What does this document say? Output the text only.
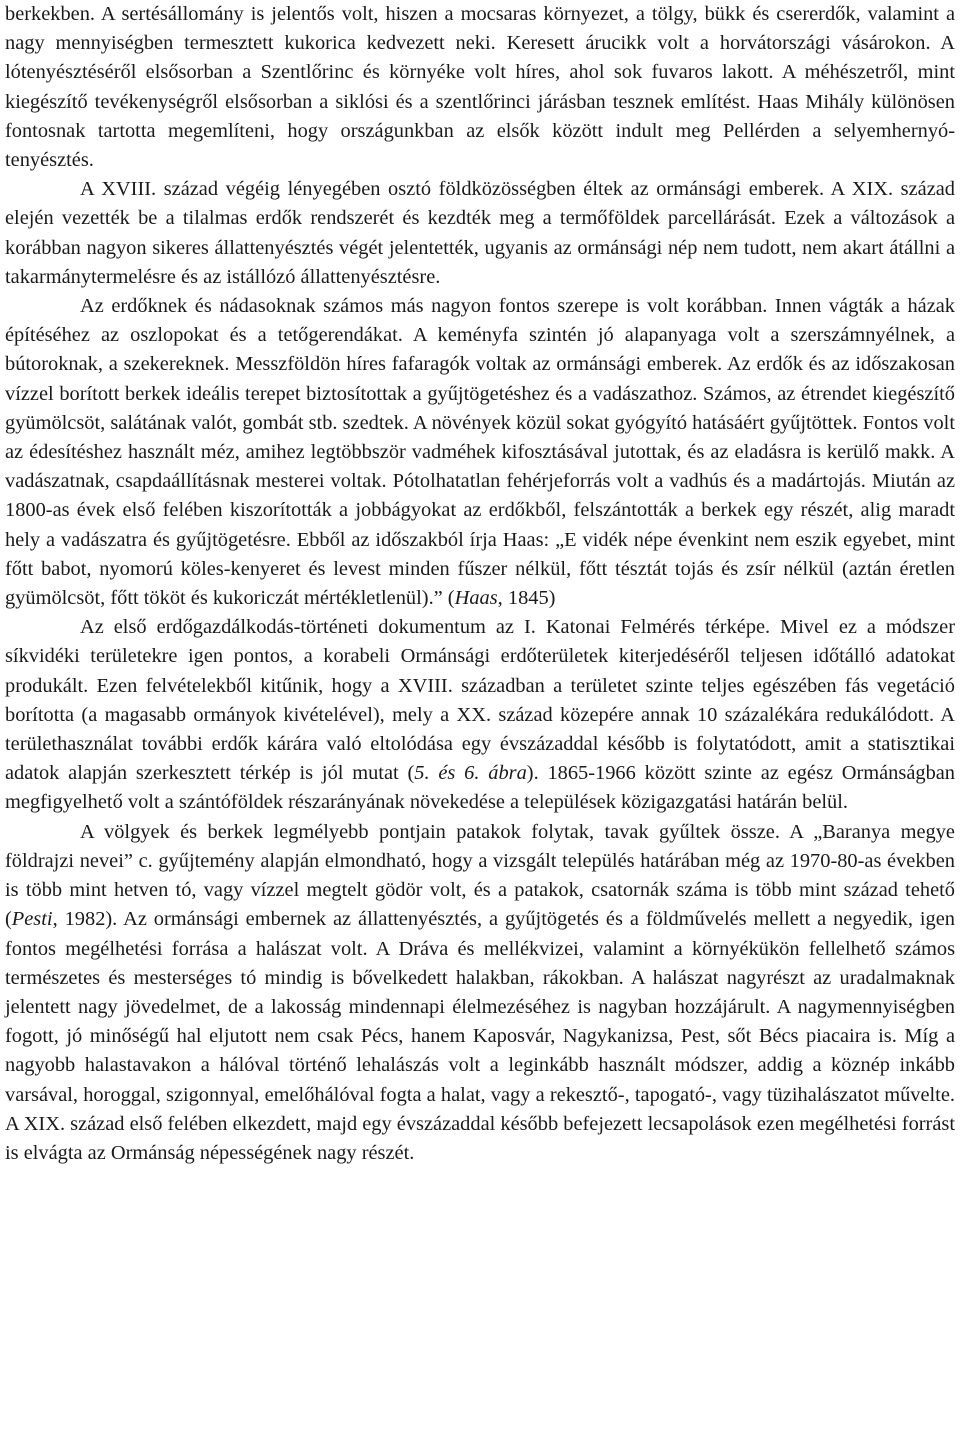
berkekben. A sertésállomány is jelentős volt, hiszen a mocsaras környezet, a tölgy, bükk és csererdők, valamint a nagy mennyiségben termesztett kukorica kedvezett neki. Keresett árucikk volt a horvátországi vásárokon. A lótenyésztéséről elsősorban a Szentlőrinc és környéke volt híres, ahol sok fuvaros lakott. A méhészetről, mint kiegészítő tevékenységről elsősorban a siklósi és a szentlőrinci járásban tesznek említést. Haas Mihály különösen fontosnak tartotta megemlíteni, hogy országunkban az elsők között indult meg Pellérden a selyemhernyó-tenyésztés.

A XVIII. század végéig lényegében osztó földközösségben éltek az ormánsági emberek. A XIX. század elején vezették be a tilalmas erdők rendszerét és kezdték meg a termőföldek parcellárását. Ezek a változások a korábban nagyon sikeres állattenyésztés végét jelentették, ugyanis az ormánsági nép nem tudott, nem akart átállni a takarmánytermelésre és az istállózó állattenyésztésre.

Az erdőknek és nádasoknak számos más nagyon fontos szerepe is volt korábban. Innen vágták a házak építéséhez az oszlopokat és a tetőgerendákat. A keményfa szintén jó alapanyaga volt a szerszámnyélnek, a bútoroknak, a szekereknek. Messzföldön híres fafaragók voltak az ormánsági emberek. Az erdők és az időszakosan vízzel borított berkek ideális terepet biztosítottak a gyűjtögetéshez és a vadászathoz. Számos, az étrendet kiegészítő gyümölcsöt, salátának valót, gombát stb. szedtek. A növények közül sokat gyógyító hatásáért gyűjtöttek. Fontos volt az édesítéshez használt méz, amihez legtöbbször vadméhek kifosztásával jutottak, és az eladásra is kerülő makk. A vadászatnak, csapdaállításnak mesterei voltak. Pótolhatatlan fehérjeforrás volt a vadhús és a madártojás. Miután az 1800-as évek első felében kiszorították a jobbágyokat az erdőkből, felszántották a berkek egy részét, alig maradt hely a vadászatra és gyűjtögetésre. Ebből az időszakból írja Haas: „E vidék népe évenkint nem eszik egyebet, mint főtt babot, nyomorú köles-kenyeret és levest minden fűszer nélkül, főtt tésztát tojás és zsír nélkül (aztán éretlen gyümölcsöt, főtt tököt és kukoriczát mértékletlenül).” (Haas, 1845)

Az első erdőgazdálkodás-történeti dokumentum az I. Katonai Felmérés térképe. Mivel ez a módszer síkvidéki területekre igen pontos, a korabeli Ormánsági erdőterületek kiterjedéséről teljesen időtálló adatokat produkált. Ezen felvételekből kitűnik, hogy a XVIII. században a területet szinte teljes egészében fás vegetáció borította (a magasabb ormányok kivételével), mely a XX. század közepére annak 10 százalékára redukálódott. A területhasználat további erdők kárára való eltolódása egy évszázaddal később is folytatódott, amit a statisztikai adatok alapján szerkesztett térkép is jól mutat (5. és 6. ábra). 1865-1966 között szinte az egész Ormánságban megfigyelhető volt a szántóföldek részarányának növekedése a települések közigazgatási határán belül.

A völgyek és berkek legmélyebb pontjain patakok folytak, tavak gyűltek össze. A „Baranya megye földrajzi nevei” c. gyűjtemény alapján elmondható, hogy a vizsgált település határában még az 1970-80-as években is több mint hetven tó, vagy vízzel megtelt gödör volt, és a patakok, csatornák száma is több mint század tehető (Pesti, 1982). Az ormánsági embernek az állattenyésztés, a gyűjtögetés és a földművelés mellett a negyedik, igen fontos megélhetési forrása a halászat volt. A Dráva és mellékvizei, valamint a környékükön fellelhető számos természetes és mesterséges tó mindig is bővelkedett halakban, rákokban. A halászat nagyrészt az uradalmaknak jelentett nagy jövedelmet, de a lakosság mindennapi élelmezéséhez is nagyban hozzájárult. A nagymennyiségben fogott, jó minőségű hal eljutott nem csak Pécs, hanem Kaposvár, Nagykanizsa, Pest, sőt Bécs piacaira is. Míg a nagyobb halastavakon a hálóval történő lehalászás volt a leginkább használt módszer, addig a köznép inkább varsával, horoggal, szigonnyal, emelőhálóval fogta a halat, vagy a rekesztő-, tapogató-, vagy tüzihalászatot művelte. A XIX. század első felében elkezdett, majd egy évszázaddal később befejezett lecsapolások ezen megélhetési forrást is elvágta az Ormánság népességének nagy részét.
